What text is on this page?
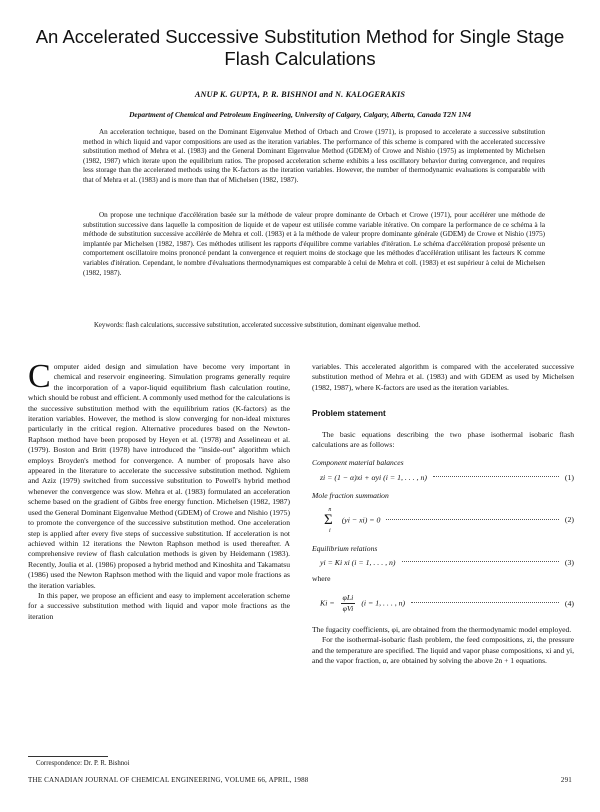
An Accelerated Successive Substitution Method for Single Stage Flash Calculations
ANUP K. GUPTA, P. R. BISHNOI and N. KALOGERAKIS
Department of Chemical and Petroleum Engineering, University of Calgary, Calgary, Alberta, Canada T2N 1N4

An acceleration technique, based on the Dominant Eigenvalue Method of Orbach and Crowe (1971), is proposed to accelerate a successive substitution method in which liquid and vapor compositions are used as the iteration variables. The performance of this scheme is compared with the accelerated successive substitution method of Mehra et al. (1983) and the General Dominant Eigenvalue Method (GDEM) of Crowe and Nishio (1975) as implemented by Michelsen (1982, 1987) which iterate upon the equilibrium ratios. The proposed acceleration scheme exhibits a less oscillatory behavior during convergence, and requires less storage than the accelerated methods using the K-factors as the iteration variables. However, the number of thermodynamic evaluations is comparable with that of Mehra et al. (1983) and is more than that of Michelsen (1982, 1987).

On propose une technique d'accélération basée sur la méthode de valeur propre dominante de Orbach et Crowe (1971), pour accélérer une méthode de substitution successive dans laquelle la composition de liquide et de vapeur est utilisée comme variable itérative. On compare la performance de ce schéma à la méthode de substitution successive accélérée de Mehra et coll. (1983) et à la méthode de valeur propre dominante générale (GDEM) de Crowe et Nishio (1975) implantée par Michelsen (1982, 1987). Ces méthodes utilisent les rapports d'équilibre comme variables d'itération. Le schéma d'accélération proposé présente un comportement oscillatoire moins prononcé pendant la convergence et requiert moins de stockage que les méthodes d'accélération utilisant les facteurs K comme variables d'itération. Cependant, le nombre d'évaluations thermodynamiques est comparable à celui de Mehra et coll. (1983) et est supérieur à celui de Michelsen (1982, 1987).

Keywords: flash calculations, successive substitution, accelerated successive substitution, dominant eigenvalue method.

Computer aided design and simulation have become very important in chemical and reservoir engineering. Simulation programs generally require the incorporation of a vapor-liquid equilibrium flash calculation routine, which should be robust and efficient. A commonly used method for the calculations is the successive substitution method with the equilibrium ratios (K-factors) as the iteration variables. However, the method is slow converging for non-ideal mixtures particularly in the critical region. Alternative procedures based on the Newton-Raphson method have been proposed by Heyen et al. (1978) and Asselineau et al. (1979). Boston and Britt (1978) have introduced the "inside-out" algorithm which employs Broyden's method for convergence. A number of proposals have also appeared in the literature to accelerate the successive substitution method. Nghiem and Aziz (1979) switched from successive substitution to Powell's hybrid method whenever the convergence was slow. Mehra et al. (1983) formulated an acceleration scheme based on the gradient of Gibbs free energy function. Michelsen (1982, 1987) used the General Dominant Eigenvalue Method (GDEM) of Crowe and Nishio (1975) to promote the convergence of the successive substitution method. One acceleration step is applied after every five steps of successive substitution. If acceleration is not achieved within 12 iterations the Newton Raphson method is used thereafter. A comprehensive review of flash calculation methods is given by Heidemann (1983). Recently, Joulia et al. (1986) proposed a hybrid method and Kinoshita and Takamatsu (1986) used the Newton Raphson method with the liquid and vapor mole fractions as the iteration variables.

In this paper, we propose an efficient and easy to implement acceleration scheme for a successive substitution method with liquid and vapor mole fractions as the iteration

variables. This accelerated algorithm is compared with the accelerated successive substitution method of Mehra et al. (1983) and with GDEM as used by Michelsen (1982, 1987), where K-factors are used as the iteration variables.

Problem statement

The basic equations describing the two phase isothermal isobaric flash calculations are as follows:

Component material balances
zi = (1 − α)xi + αyi (i = 1, . . . , n)	(1)
Mole fraction summation
n
Σ
i
(yi − xi) = 0	(2)
Equilibrium relations
yi = Ki xi (i = 1, . . . , n)	(3)

where

$Ki = \frac{\text{φLi}}{\text{φVi}} (i = 1$, . . . , n)	(4)

The fugacity coefficients, φi, are obtained from the thermodynamic model employed.

For the isothermal-isobaric flash problem, the feed compositions, zi, the pressure and the temperature are specified. The liquid and vapor phase compositions, xi and yi, and the vapor fraction, α, are obtained by solving the above 2n + 1 equations.

Correspondence: Dr. P. R. Bishnoi
THE CANADIAN JOURNAL OF CHEMICAL ENGINEERING, VOLUME 66, APRIL, 1988	291
